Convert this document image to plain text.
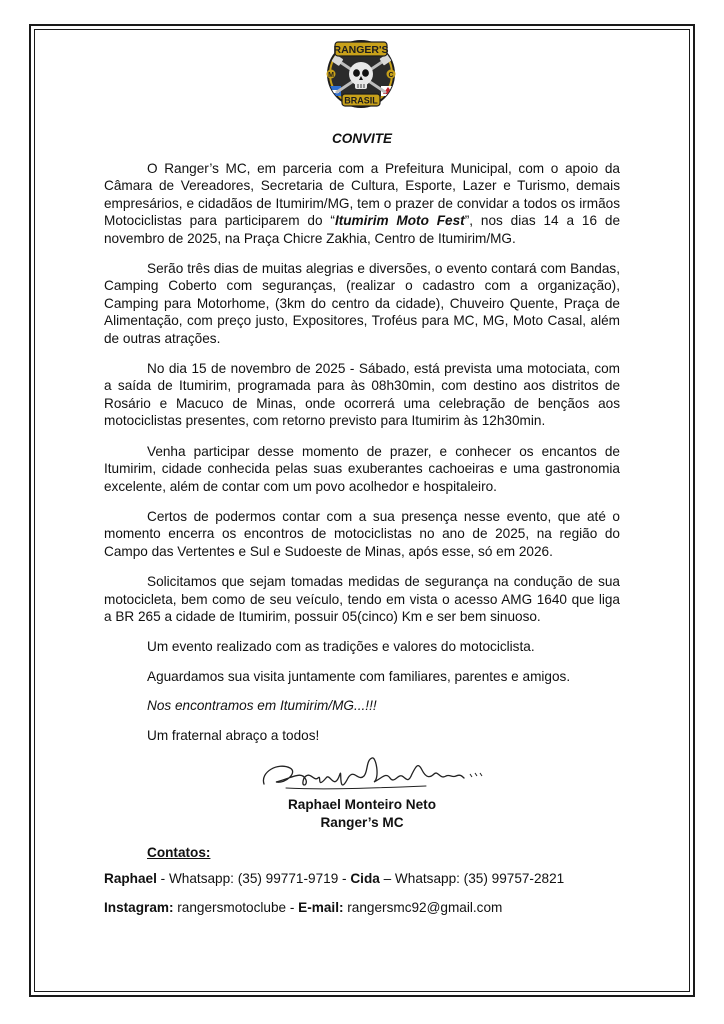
RANGER'S
BRASIL
M	C
CONVITE

O Ranger’s MC, em parceria com a Prefeitura Municipal, com o apoio da Câmara de Vereadores, Secretaria de Cultura, Esporte, Lazer e Turismo, demais empresários, e cidadãos de Itumirim/MG, tem o prazer de convidar a todos os irmãos Motociclistas para participarem do “Itumirim Moto Fest”, nos dias 14 a 16 de novembro de 2025, na Praça Chicre Zakhia, Centro de Itumirim/MG.

Serão três dias de muitas alegrias e diversões, o evento contará com Bandas, Camping Coberto com seguranças, (realizar o cadastro com a organização), Camping para Motorhome, (3km do centro da cidade), Chuveiro Quente, Praça de Alimentação, com preço justo, Expositores, Troféus para MC, MG, Moto Casal, além de outras atrações.

No dia 15 de novembro de 2025 - Sábado, está prevista uma motociata, com a saída de Itumirim, programada para às 08h30min, com destino aos distritos de Rosário e Macuco de Minas, onde ocorrerá uma celebração de bençãos aos motociclistas presentes, com retorno previsto para Itumirim às 12h30min.

Venha participar desse momento de prazer, e conhecer os encantos de Itumirim, cidade conhecida pelas suas exuberantes cachoeiras e uma gastronomia excelente, além de contar com um povo acolhedor e hospitaleiro.

Certos de podermos contar com a sua presença nesse evento, que até o momento encerra os encontros de motociclistas no ano de 2025, na região do Campo das Vertentes e Sul e Sudoeste de Minas, após esse, só em 2026.

Solicitamos que sejam tomadas medidas de segurança na condução de sua motocicleta, bem como de seu veículo, tendo em vista o acesso AMG 1640 que liga a BR 265 a cidade de Itumirim, possuir 05(cinco) Km e ser bem sinuoso.

Um evento realizado com as tradições e valores do motociclista.

Aguardamos sua visita juntamente com familiares, parentes e amigos.

Nos encontramos em Itumirim/MG...!!!

Um fraternal abraço a todos!

Raphael Monteiro Neto
Ranger’s MC
Contatos:
Raphael - Whatsapp: (35) 99771-9719 - Cida – Whatsapp: (35) 99757-2821
Instagram: rangersmotoclube - E-mail: rangersmc92@gmail.com
